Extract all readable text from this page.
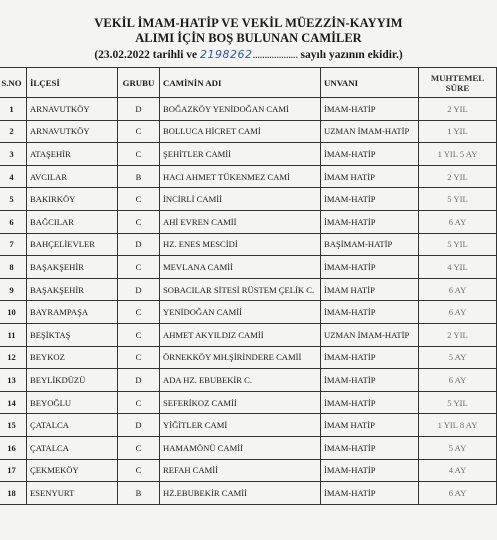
VEKİL İMAM-HATİP VE VEKİL MÜEZZİN-KAYYIM
ALIMI İÇİN BOŞ BULUNAN CAMİLER
(23.02.2022 tarihli ve 2198262................... sayılı yazının ekidir.)
S.NO	İLÇESİ	GRUBU	CAMİNİN ADI	UNVANI	MUHTEMEL SÜRE
1	ARNAVUTKÖY	D	BOĞAZKÖY YENİDOĞAN CAMİ	İMAM-HATİP	2 YIL
2	ARNAVUTKÖY	C	BOLLUCA HİCRET CAMİ	UZMAN İMAM-HATİP	1 YIL
3	ATAŞEHİR	C	ŞEHİTLER CAMİİ	İMAM-HATİP	1 YIL 5 AY
4	AVCILAR	B	HACI AHMET TÜKENMEZ CAMİ	İMAM HATİP	2 YIL
5	BAKIRKÖY	C	İNCİRLİ CAMİİ	İMAM-HATİP	5 YIL
6	BAĞCILAR	C	AHİ EVREN CAMİİ	İMAM-HATİP	6 AY
7	BAHÇELİEVLER	D	HZ. ENES MESCİDİ	BAŞİMAM-HATİP	5 YIL
8	BAŞAKŞEHİR	C	MEVLANA CAMİİ	İMAM-HATİP	4 YIL
9	BAŞAKŞEHİR	D	SOBACILAR SİTESİ RÜSTEM ÇELİK C.	İMAM HATİP	6 AY
10	BAYRAMPAŞA	C	YENİDOĞAN CAMİİ	İMAM-HATİP	6 AY
11	BEŞİKTAŞ	C	AHMET AKYILDIZ CAMİİ	UZMAN İMAM-HATİP	2 YIL
12	BEYKOZ	C	ÖRNEKKÖY MH.ŞİRİNDERE CAMİİ	İMAM-HATİP	5 AY
13	BEYLİKDÜZÜ	D	ADA HZ. EBUBEKİR C.	İMAM-HATİP	6 AY
14	BEYOĞLU	C	SEFERİKOZ CAMİİ	İMAM-HATİP	5 YIL
15	ÇATALCA	D	YİĞİTLER CAMİ	İMAM HATİP	1 YIL 8 AY
16	ÇATALCA	C	HAMAMÖNÜ CAMİİ	İMAM-HATİP	5 AY
17	ÇEKMEKÖY	C	REFAH CAMİİ	İMAM-HATİP	4 AY
18	ESENYURT	B	HZ.EBUBEKİR CAMİİ	İMAM-HATİP	6 AY
